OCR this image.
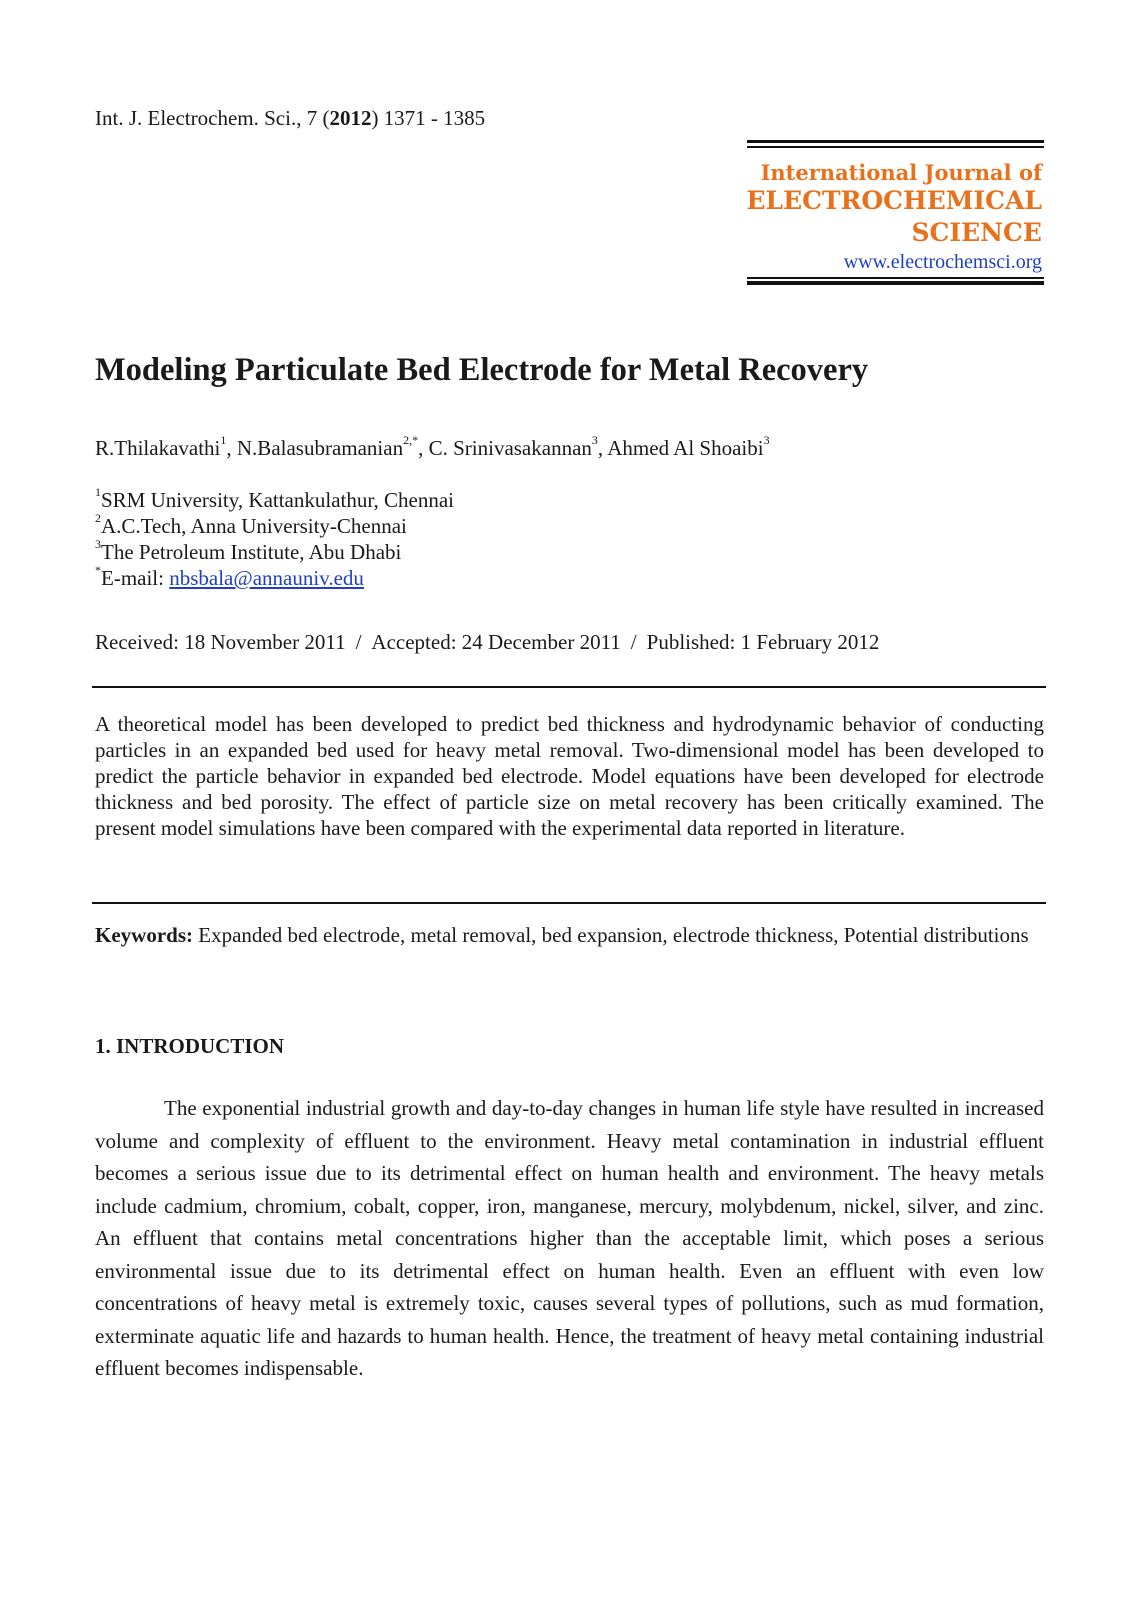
Int. J. Electrochem. Sci., 7 (2012) 1371 - 1385
International Journal of
ELECTROCHEMICAL
SCIENCE
www.electrochemsci.org
Modeling Particulate Bed Electrode for Metal Recovery
R.Thilakavathi$^1$, N.Balasubramanian$^{2,*}$, C. Srinivasakannan$^3$, Ahmed Al Shoaibi$^3$
$^1$SRM University, Kattankulathur, Chennai
$^2$A.C.Tech, Anna University-Chennai
$^3$The Petroleum Institute, Abu Dhabi
*E-mail: nbsbala@annauniv.edu
Received: 18 November 2011 / Accepted: 24 December 2011 / Published: 1 February 2012

A theoretical model has been developed to predict bed thickness and hydrodynamic behavior of conducting particles in an expanded bed used for heavy metal removal. Two-dimensional model has been developed to predict the particle behavior in expanded bed electrode. Model equations have been developed for electrode thickness and bed porosity. The effect of particle size on metal recovery has been critically examined. The present model simulations have been compared with the experimental data reported in literature.

Keywords: Expanded bed electrode, metal removal, bed expansion, electrode thickness, Potential distributions

1. INTRODUCTION

The exponential industrial growth and day-to-day changes in human life style have resulted in increased volume and complexity of effluent to the environment. Heavy metal contamination in industrial effluent becomes a serious issue due to its detrimental effect on human health and environment. The heavy metals include cadmium, chromium, cobalt, copper, iron, manganese, mercury, molybdenum, nickel, silver, and zinc. An effluent that contains metal concentrations higher than the acceptable limit, which poses a serious environmental issue due to its detrimental effect on human health. Even an effluent with even low concentrations of heavy metal is extremely toxic, causes several types of pollutions, such as mud formation, exterminate aquatic life and hazards to human health. Hence, the treatment of heavy metal containing industrial effluent becomes indispensable.
